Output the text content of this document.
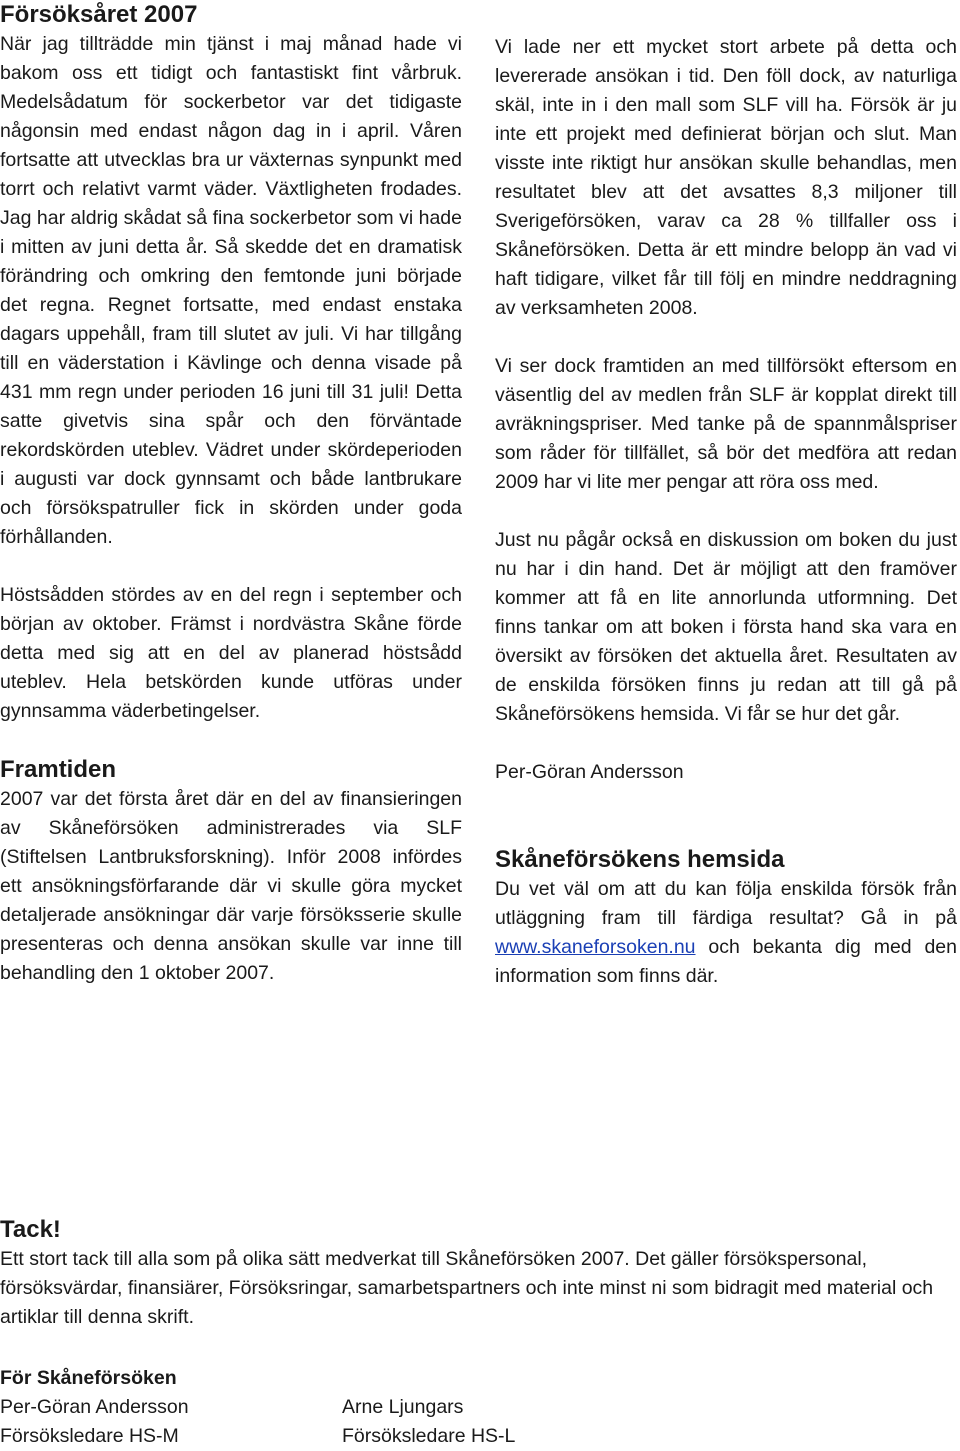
Försöksåret 2007

När jag tillträdde min tjänst i maj månad hade vi bakom oss ett tidigt och fantastiskt fint vårbruk. Medelsådatum för sockerbetor var det tidigaste någonsin med endast någon dag in i april. Våren fortsatte att utvecklas bra ur växternas synpunkt med torrt och relativt varmt väder. Växtligheten frodades. Jag har aldrig skådat så fina sockerbetor som vi hade i mitten av juni detta år. Så skedde det en dramatisk förändring och omkring den femtonde juni började det regna. Regnet fortsatte, med endast enstaka dagars uppehåll, fram till slutet av juli. Vi har tillgång till en väderstation i Kävlinge och denna visade på 431 mm regn under perioden 16 juni till 31 juli! Detta satte givetvis sina spår och den förväntade rekordskörden uteblev. Vädret under skördeperioden i augusti var dock gynnsamt och både lantbrukare och försökspatruller fick in skörden under goda förhållanden.

Höstsådden stördes av en del regn i september och början av oktober. Främst i nordvästra Skåne förde detta med sig att en del av planerad höstsådd uteblev. Hela betskörden kunde utföras under gynnsamma väderbetingelser.

Framtiden

2007 var det första året där en del av finansieringen av Skåneförsöken administrerades via SLF (Stiftelsen Lantbruksforskning). Inför 2008 infördes ett ansökningsförfarande där vi skulle göra mycket detaljerade ansökningar där varje försöksserie skulle presenteras och denna ansökan skulle var inne till behandling den 1 oktober 2007.

Vi lade ner ett mycket stort arbete på detta och levererade ansökan i tid. Den föll dock, av naturliga skäl, inte in i den mall som SLF vill ha. Försök är ju inte ett projekt med definierat början och slut. Man visste inte riktigt hur ansökan skulle behandlas, men resultatet blev att det avsattes 8,3 miljoner till Sverigeförsöken, varav ca 28 % tillfaller oss i Skåneförsöken. Detta är ett mindre belopp än vad vi haft tidigare, vilket får till följ en mindre neddragning av verksamheten 2008.

Vi ser dock framtiden an med tillförsökt eftersom en väsentlig del av medlen från SLF är kopplat direkt till avräkningspriser. Med tanke på de spannmålspriser som råder för tillfället, så bör det medföra att redan 2009 har vi lite mer pengar att röra oss med.

Just nu pågår också en diskussion om boken du just nu har i din hand. Det är möjligt att den framöver kommer att få en lite annorlunda utformning. Det finns tankar om att boken i första hand ska vara en översikt av försöken det aktuella året. Resultaten av de enskilda försöken finns ju redan att till gå på Skåneförsökens hemsida. Vi får se hur det går.

Per-Göran Andersson

Skåneförsökens hemsida

Du vet väl om att du kan följa enskilda försök från utläggning fram till färdiga resultat? Gå in på www.skaneforsoken.nu och bekanta dig med den information som finns där.

Tack!

Ett stort tack till alla som på olika sätt medverkat till Skåneförsöken 2007. Det gäller försökspersonal, försöksvärdar, finansiärer, Försöksringar, samarbetspartners och inte minst ni som bidragit med material och artiklar till denna skrift.

För Skåneförsöken
Per-Göran Andersson	Arne Ljungars
Försöksledare HS-M	Försöksledare HS-L
